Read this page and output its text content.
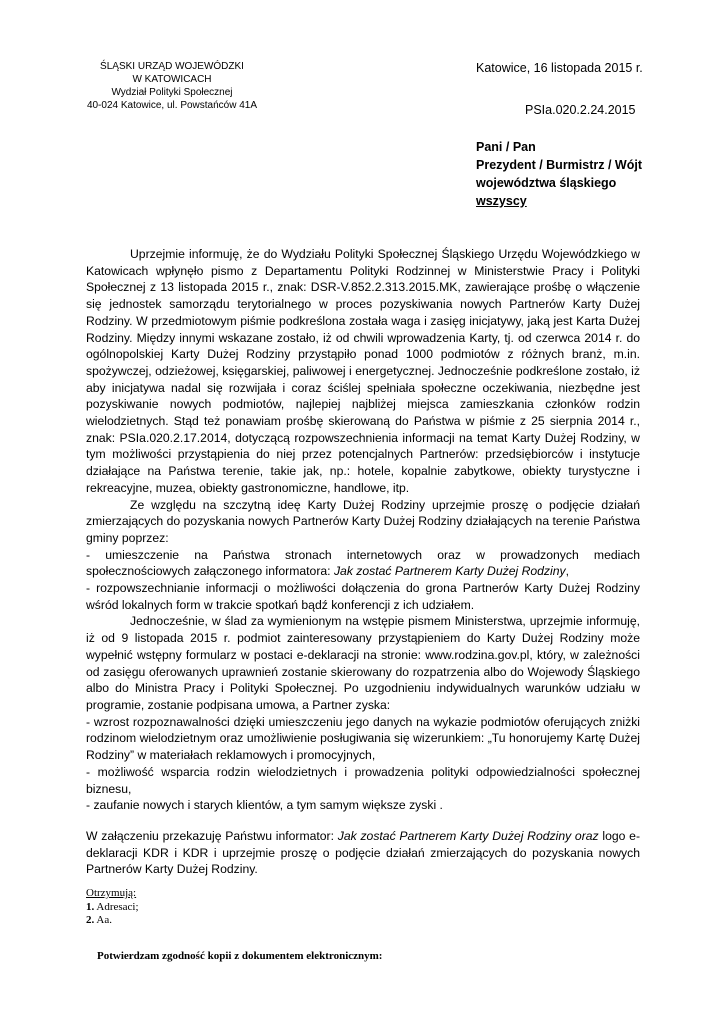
ŚLĄSKI URZĄD WOJEWÓDZKI
W KATOWICACH
Wydział Polityki Społecznej
40-024 Katowice, ul. Powstańców 41A
Katowice, 16 listopada 2015 r.
PSIa.020.2.24.2015
Pani / Pan
Prezydent / Burmistrz / Wójt
województwa śląskiego
wszyscy

Uprzejmie informuję, że do Wydziału Polityki Społecznej Śląskiego Urzędu Wojewódzkiego w Katowicach wpłynęło pismo z Departamentu Polityki Rodzinnej w Ministerstwie Pracy i Polityki Społecznej z 13 listopada 2015 r., znak: DSR-V.852.2.313.2015.MK, zawierające prośbę o włączenie się jednostek samorządu terytorialnego w proces pozyskiwania nowych Partnerów Karty Dużej Rodziny. W przedmiotowym piśmie podkreślona została waga i zasięg inicjatywy, jaką jest Karta Dużej Rodziny. Między innymi wskazane zostało, iż od chwili wprowadzenia Karty, tj. od czerwca 2014 r. do ogólnopolskiej Karty Dużej Rodziny przystąpiło ponad 1000 podmiotów z różnych branż, m.in. spożywczej, odzieżowej, księgarskiej, paliwowej i energetycznej. Jednocześnie podkreślone zostało, iż aby inicjatywa nadal się rozwijała i coraz ściślej spełniała społeczne oczekiwania, niezbędne jest pozyskiwanie nowych podmiotów, najlepiej najbliżej miejsca zamieszkania członków rodzin wielodzietnych. Stąd też ponawiam prośbę skierowaną do Państwa w piśmie z 25 sierpnia 2014 r., znak: PSIa.020.2.17.2014, dotyczącą rozpowszechnienia informacji na temat Karty Dużej Rodziny, w tym możliwości przystąpienia do niej przez potencjalnych Partnerów: przedsiębiorców i instytucje działające na Państwa terenie, takie jak, np.: hotele, kopalnie zabytkowe, obiekty turystyczne i rekreacyjne, muzea, obiekty gastronomiczne, handlowe, itp.

Ze względu na szczytną ideę Karty Dużej Rodziny uprzejmie proszę o podjęcie działań zmierzających do pozyskania nowych Partnerów Karty Dużej Rodziny działających na terenie Państwa gminy poprzez:

- umieszczenie na Państwa stronach internetowych oraz w prowadzonych mediach społecznościowych załączonego informatora: Jak zostać Partnerem Karty Dużej Rodziny,

- rozpowszechnianie informacji o możliwości dołączenia do grona Partnerów Karty Dużej Rodziny wśród lokalnych form w trakcie spotkań bądź konferencji z ich udziałem.

Jednocześnie, w ślad za wymienionym na wstępie pismem Ministerstwa, uprzejmie informuję, iż od 9 listopada 2015 r. podmiot zainteresowany przystąpieniem do Karty Dużej Rodziny może wypełnić wstępny formularz w postaci e-deklaracji na stronie: www.rodzina.gov.pl, który, w zależności od zasięgu oferowanych uprawnień zostanie skierowany do rozpatrzenia albo do Wojewody Śląskiego albo do Ministra Pracy i Polityki Społecznej. Po uzgodnieniu indywidualnych warunków udziału w programie, zostanie podpisana umowa, a Partner zyska:

- wzrost rozpoznawalności dzięki umieszczeniu jego danych na wykazie podmiotów oferujących zniżki rodzinom wielodzietnym oraz umożliwienie posługiwania się wizerunkiem: „Tu honorujemy Kartę Dużej Rodziny” w materiałach reklamowych i promocyjnych,

- możliwość wsparcia rodzin wielodzietnych i prowadzenia polityki odpowiedzialności społecznej biznesu,

- zaufanie nowych i starych klientów, a tym samym większe zyski .

W załączeniu przekazuję Państwu informator: Jak zostać Partnerem Karty Dużej Rodziny oraz logo e-deklaracji KDR i KDR i uprzejmie proszę o podjęcie działań zmierzających do pozyskania nowych Partnerów Karty Dużej Rodziny.

Otrzymują:
1. Adresaci;
2. Aa.
Potwierdzam zgodność kopii z dokumentem elektronicznym:
